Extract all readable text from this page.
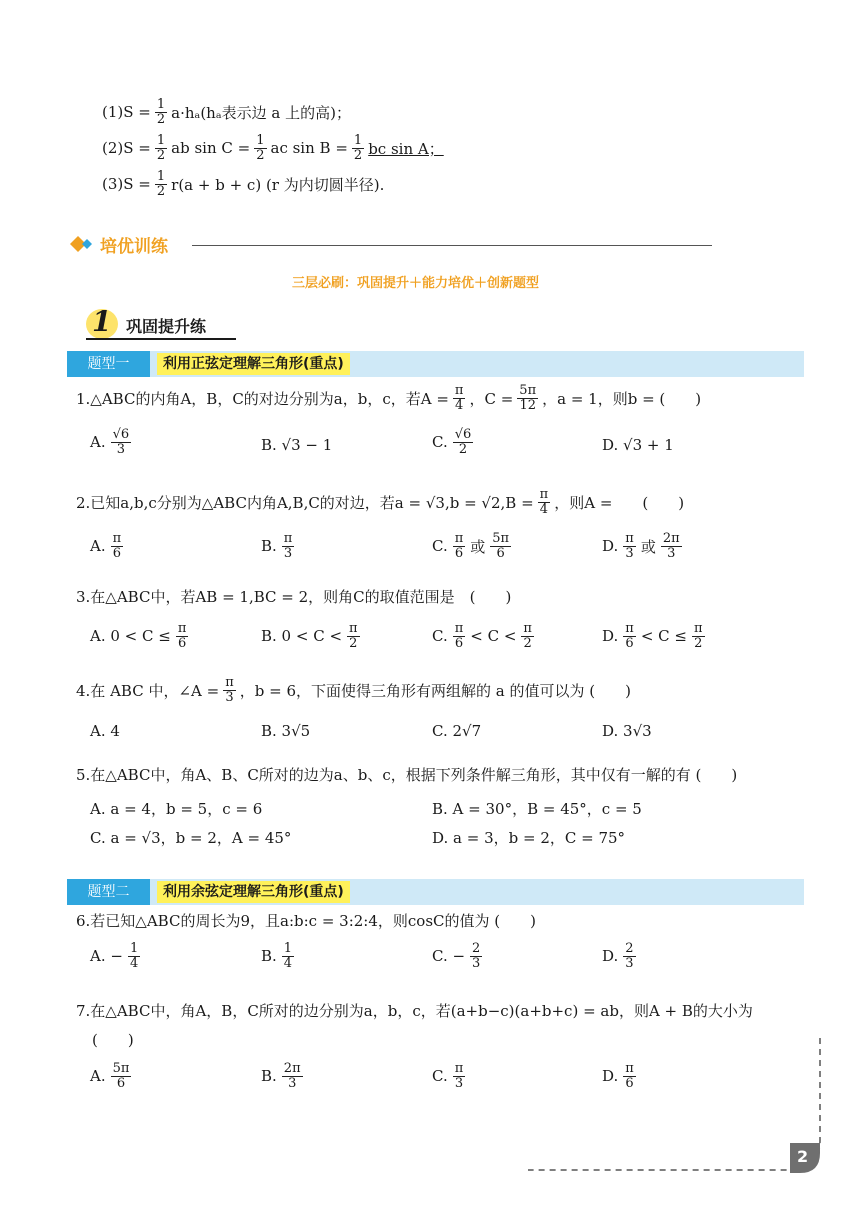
$(1)S = \frac{1}{2} a\cdot h_a(h_a$表示边 a 上的高)；
$(2)S = \frac{1}{2}$ ab $\sin C = \frac{1}{2}$ ac $\sin B = \frac{1}{2}$ bc sin A；
$(3)S = \frac{1}{2} r(a + b + c)$ (r 为内切圆半径).
培优训练
三层必刷：巩固提升＋能力培优＋创新题型
1 巩固提升练
题型一	利用正弦定理解三角形(重点)
1.△ABC的内角A，B，C的对边分别为a，b，c，若$A = \frac{\pi}{4}$ ，$C = \frac{5\pi}{12}$ ，a = 1，则b = (　　)
A. $\frac{√6}{3}$	B. √3 − 1	C. $\frac{√6}{2}$	D. √3 + 1
2.已知a,b,c分别为△ABC内角A,B,C的对边，若$a = √3,b = √2,B = \frac{\pi}{4}$ ，则A =　　(　　)
A. $\frac{\pi}{6}$	B. $\frac{\pi}{3}$	C. $\frac{\pi}{6}$ 或 $\frac{5\pi}{6}$	D. $\frac{\pi}{3}$ 或 $\frac{2\pi}{3}$
3.在△ABC中，若AB = 1,BC = 2，则角C的取值范围是　(　　)
A. $0 < C \le \frac{\pi}{6}$	B. $0 < C < \frac{\pi}{2}$	C. $\frac{\pi}{6} < C < \frac{\pi}{2}$	D. $\frac{\pi}{6} < C \le \frac{\pi}{2}$
4.在 ABC 中，∠A = $\frac{\pi}{3}$ ，b = 6，下面使得三角形有两组解的 a 的值可以为 (　　)
A. 4	B. 3√5	C. 2√7	D. 3√3
5.在△ABC中，角A、B、C所对的边为a、b、c，根据下列条件解三角形，其中仅有一解的有 (　　)
A. a = 4，b = 5，c = 6	B. A = 30°，B = 45°，c = 5
C. a = √3，b = 2，A = 45°	D. a = 3，b = 2，C = 75°
题型二	利用余弦定理解三角形(重点)
6.若已知△ABC的周长为9，且a:b:c = 3:2:4，则cosC的值为 (　　)
A. − $\frac{1}{4}$	B. $\frac{1}{4}$	C. − $\frac{2}{3}$	D. $\frac{2}{3}$
7.在△ABC中，角A，B，C所对的边分别为a，b，c，若(a+b−c)(a+b+c) = ab，则A + B的大小为
(　　)
A. $\frac{5\pi}{6}$	B. $\frac{2\pi}{3}$	C. $\frac{\pi}{3}$	D. $\frac{\pi}{6}$
2
